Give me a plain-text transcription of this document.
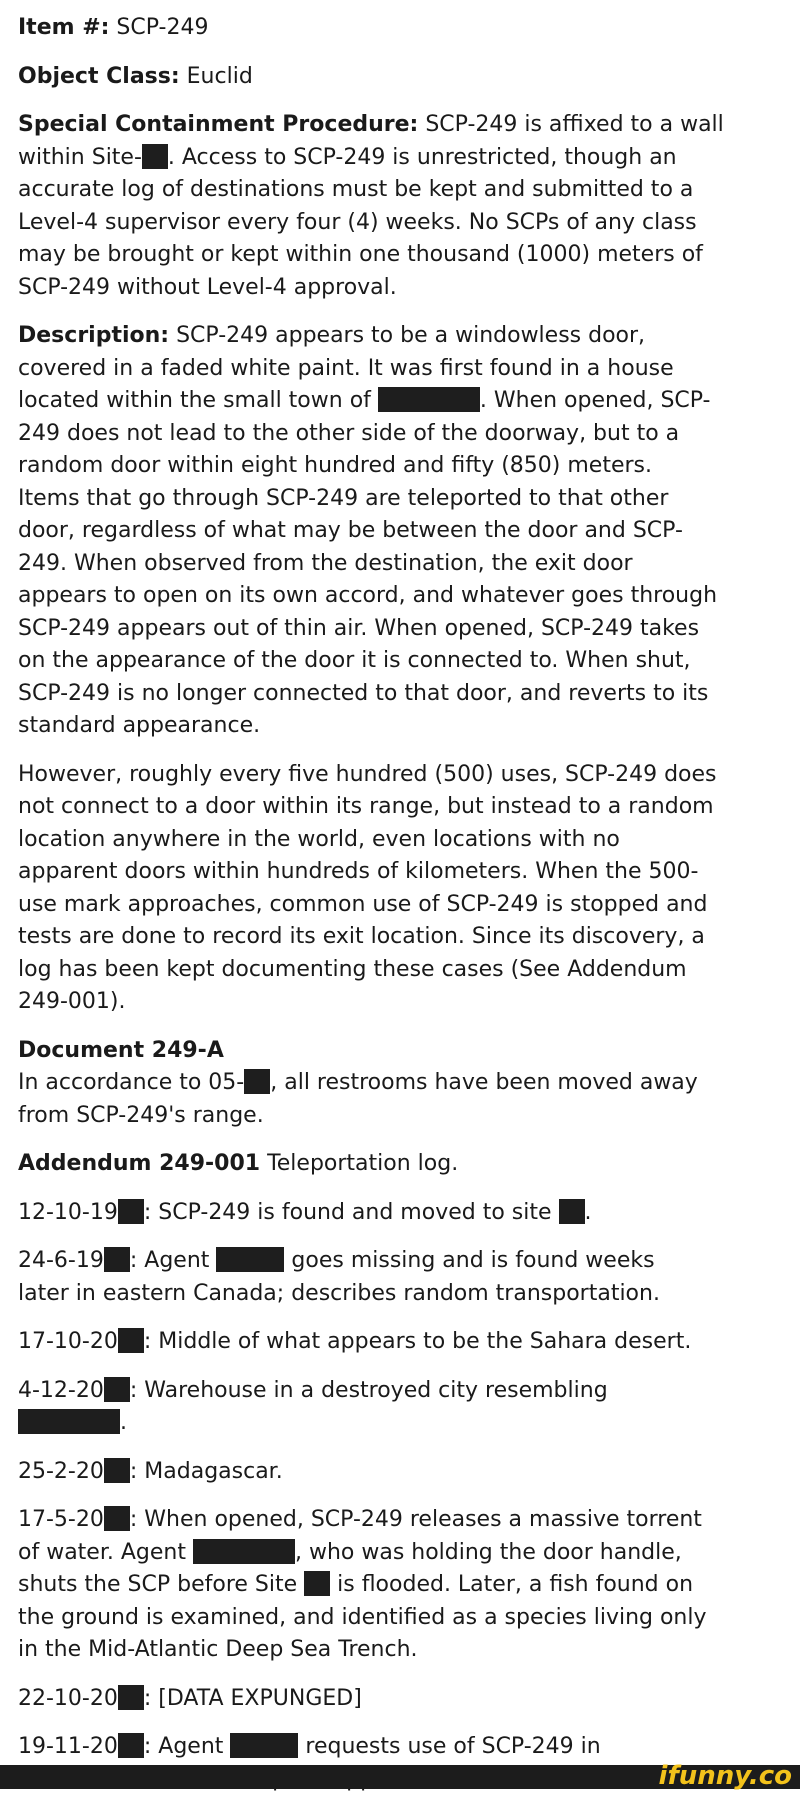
Item #: SCP-249

Object Class: Euclid

Special Containment Procedure: SCP-249 is affixed to a wall

within Site- . Access to SCP-249 is unrestricted, though an

accurate log of destinations must be kept and submitted to a

Level-4 supervisor every four (4) weeks. No SCPs of any class

may be brought or kept within one thousand (1000) meters of

SCP-249 without Level-4 approval.

Description: SCP-249 appears to be a windowless door,

covered in a faded white paint. It was first found in a house

located within the small town of	. When opened, SCP-

249 does not lead to the other side of the doorway, but to a

random door within eight hundred and fifty (850) meters.

Items that go through SCP-249 are teleported to that other

door, regardless of what may be between the door and SCP-

249. When observed from the destination, the exit door

appears to open on its own accord, and whatever goes through

SCP-249 appears out of thin air. When opened, SCP-249 takes

on the appearance of the door it is connected to. When shut,

SCP-249 is no longer connected to that door, and reverts to its

standard appearance.

However, roughly every five hundred (500) uses, SCP-249 does

not connect to a door within its range, but instead to a random

location anywhere in the world, even locations with no

apparent doors within hundreds of kilometers. When the 500-

use mark approaches, common use of SCP-249 is stopped and

tests are done to record its exit location. Since its discovery, a

log has been kept documenting these cases (See Addendum

249-001).

Document 249-A

In accordance to 05- , all restrooms have been moved away

from SCP-249's range.

Addendum 249-001 Teleportation log.

12-10-19 : SCP-249 is found and moved to site .

24-6-19 : Agent	goes missing and is found weeks

later in eastern Canada; describes random transportation.

17-10-20 : Middle of what appears to be the Sahara desert.

4-12-20 : Warehouse in a destroyed city resembling

.

25-2-20 : Madagascar.

17-5-20 : When opened, SCP-249 releases a massive torrent

of water. Agent	, who was holding the door handle,

shuts the SCP before Site  is flooded. Later, a fish found on

the ground is examined, and identified as a species living only

in the Mid-Atlantic Deep Sea Trench.

22-10-20 : [DATA EXPUNGED]

19-11-20 : Agent	requests use of SCP-249 in

ifunny.co
